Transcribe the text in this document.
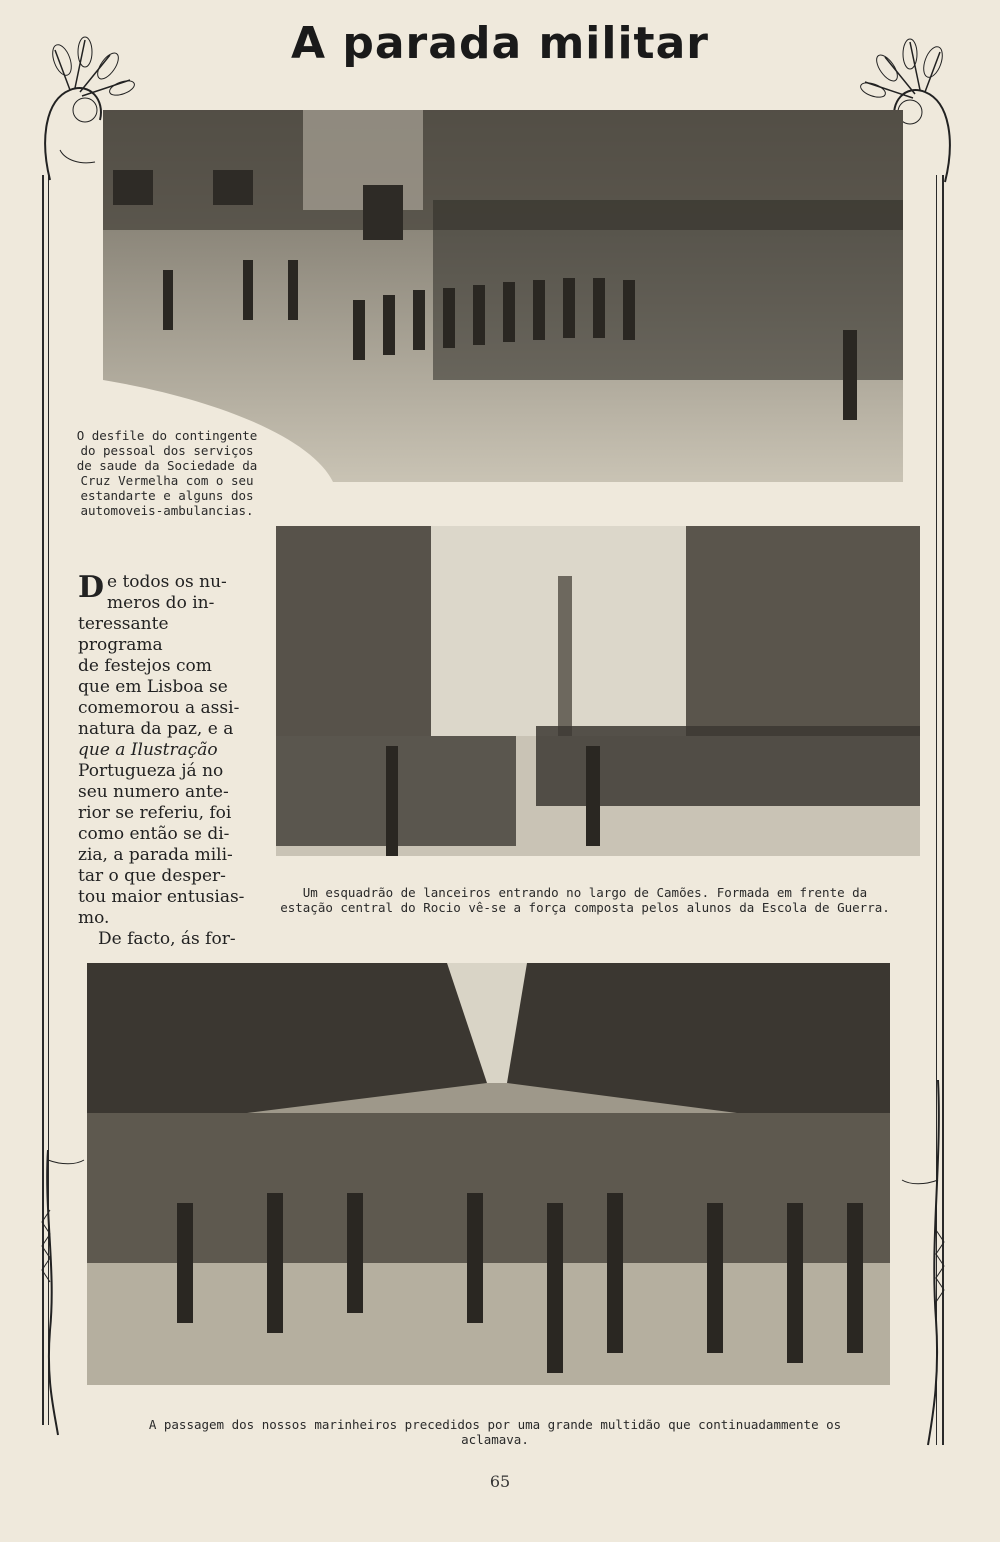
A parada militar
O desfile do contingente do pessoal dos serviços de saude da Sociedade da Cruz Vermelha com o seu estandarte e alguns dos automoveis-ambulancias.
Um esquadrão de lanceiros entrando no largo de Camões. Formada em frente da estação central do Rocio vê-se a força composta pelos alunos da Escola de Guerra.
D e todos os nu-
meros do in-
teressante programa
de festejos com
que em Lisboa se
comemorou a assi-
natura da paz, e a
que a Ilustração
Portugueza já no
seu numero ante-
rior se referiu, foi
como então se di-
zia, a parada mili-
tar o que desper-
tou maior entusias-
mo.
De facto, ás for-
A passagem dos nossos marinheiros precedidos por uma grande multidão que continuadammente os aclamava.
65
